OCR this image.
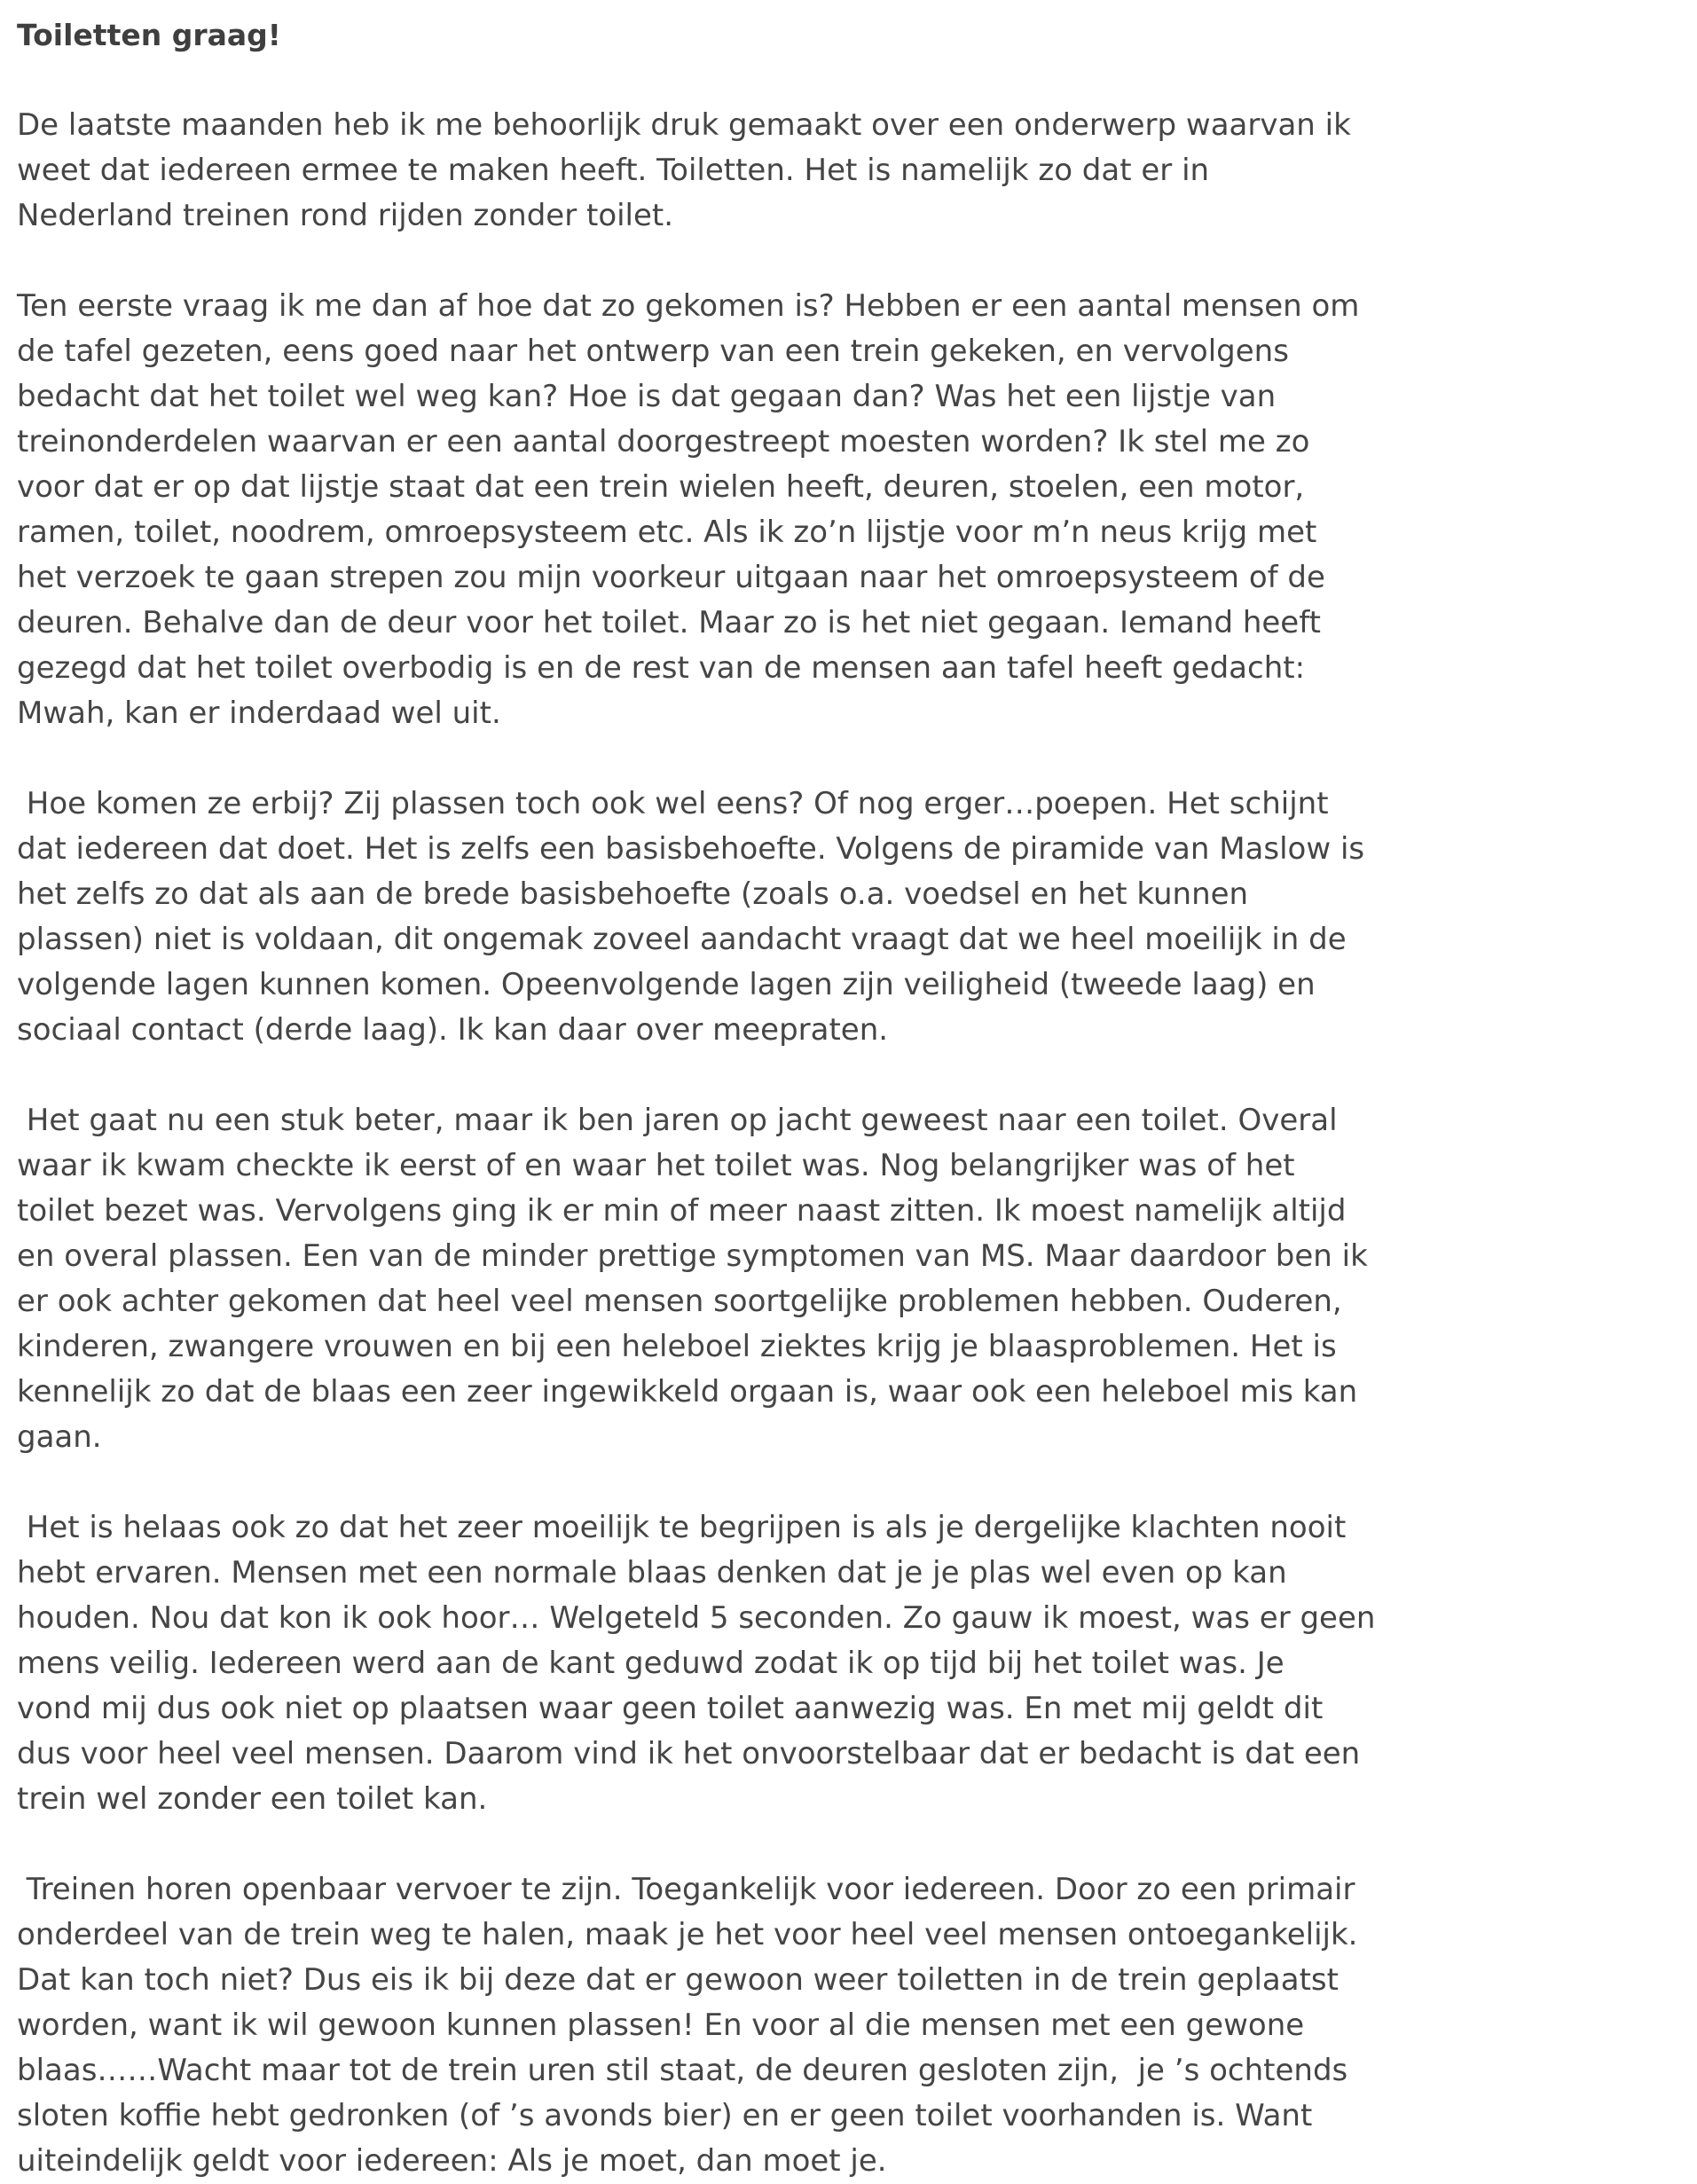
Toiletten graag!
De laatste maanden heb ik me behoorlijk druk gemaakt over een onderwerp waarvan ik
weet dat iedereen ermee te maken heeft. Toiletten. Het is namelijk zo dat er in
Nederland treinen rond rijden zonder toilet.
Ten eerste vraag ik me dan af hoe dat zo gekomen is? Hebben er een aantal mensen om
de tafel gezeten, eens goed naar het ontwerp van een trein gekeken, en vervolgens
bedacht dat het toilet wel weg kan? Hoe is dat gegaan dan? Was het een lijstje van
treinonderdelen waarvan er een aantal doorgestreept moesten worden? Ik stel me zo
voor dat er op dat lijstje staat dat een trein wielen heeft, deuren, stoelen, een motor,
ramen, toilet, noodrem, omroepsysteem etc. Als ik zo’n lijstje voor m’n neus krijg met
het verzoek te gaan strepen zou mijn voorkeur uitgaan naar het omroepsysteem of de
deuren. Behalve dan de deur voor het toilet. Maar zo is het niet gegaan. Iemand heeft
gezegd dat het toilet overbodig is en de rest van de mensen aan tafel heeft gedacht:
Mwah, kan er inderdaad wel uit.
Hoe komen ze erbij? Zij plassen toch ook wel eens? Of nog erger…poepen. Het schijnt
dat iedereen dat doet. Het is zelfs een basisbehoefte. Volgens de piramide van Maslow is
het zelfs zo dat als aan de brede basisbehoefte (zoals o.a. voedsel en het kunnen
plassen) niet is voldaan, dit ongemak zoveel aandacht vraagt dat we heel moeilijk in de
volgende lagen kunnen komen. Opeenvolgende lagen zijn veiligheid (tweede laag) en
sociaal contact (derde laag). Ik kan daar over meepraten.
Het gaat nu een stuk beter, maar ik ben jaren op jacht geweest naar een toilet. Overal
waar ik kwam checkte ik eerst of en waar het toilet was. Nog belangrijker was of het
toilet bezet was. Vervolgens ging ik er min of meer naast zitten. Ik moest namelijk altijd
en overal plassen. Een van de minder prettige symptomen van MS. Maar daardoor ben ik
er ook achter gekomen dat heel veel mensen soortgelijke problemen hebben. Ouderen,
kinderen, zwangere vrouwen en bij een heleboel ziektes krijg je blaasproblemen. Het is
kennelijk zo dat de blaas een zeer ingewikkeld orgaan is, waar ook een heleboel mis kan
gaan.
Het is helaas ook zo dat het zeer moeilijk te begrijpen is als je dergelijke klachten nooit
hebt ervaren. Mensen met een normale blaas denken dat je je plas wel even op kan
houden. Nou dat kon ik ook hoor… Welgeteld 5 seconden. Zo gauw ik moest, was er geen
mens veilig. Iedereen werd aan de kant geduwd zodat ik op tijd bij het toilet was. Je
vond mij dus ook niet op plaatsen waar geen toilet aanwezig was. En met mij geldt dit
dus voor heel veel mensen. Daarom vind ik het onvoorstelbaar dat er bedacht is dat een
trein wel zonder een toilet kan.
Treinen horen openbaar vervoer te zijn. Toegankelijk voor iedereen. Door zo een primair
onderdeel van de trein weg te halen, maak je het voor heel veel mensen ontoegankelijk.
Dat kan toch niet? Dus eis ik bij deze dat er gewoon weer toiletten in de trein geplaatst
worden, want ik wil gewoon kunnen plassen! En voor al die mensen met een gewone
blaas……Wacht maar tot de trein uren stil staat, de deuren gesloten zijn,  je ’s ochtends
sloten koffie hebt gedronken (of ’s avonds bier) en er geen toilet voorhanden is. Want
uiteindelijk geldt voor iedereen: Als je moet, dan moet je.
